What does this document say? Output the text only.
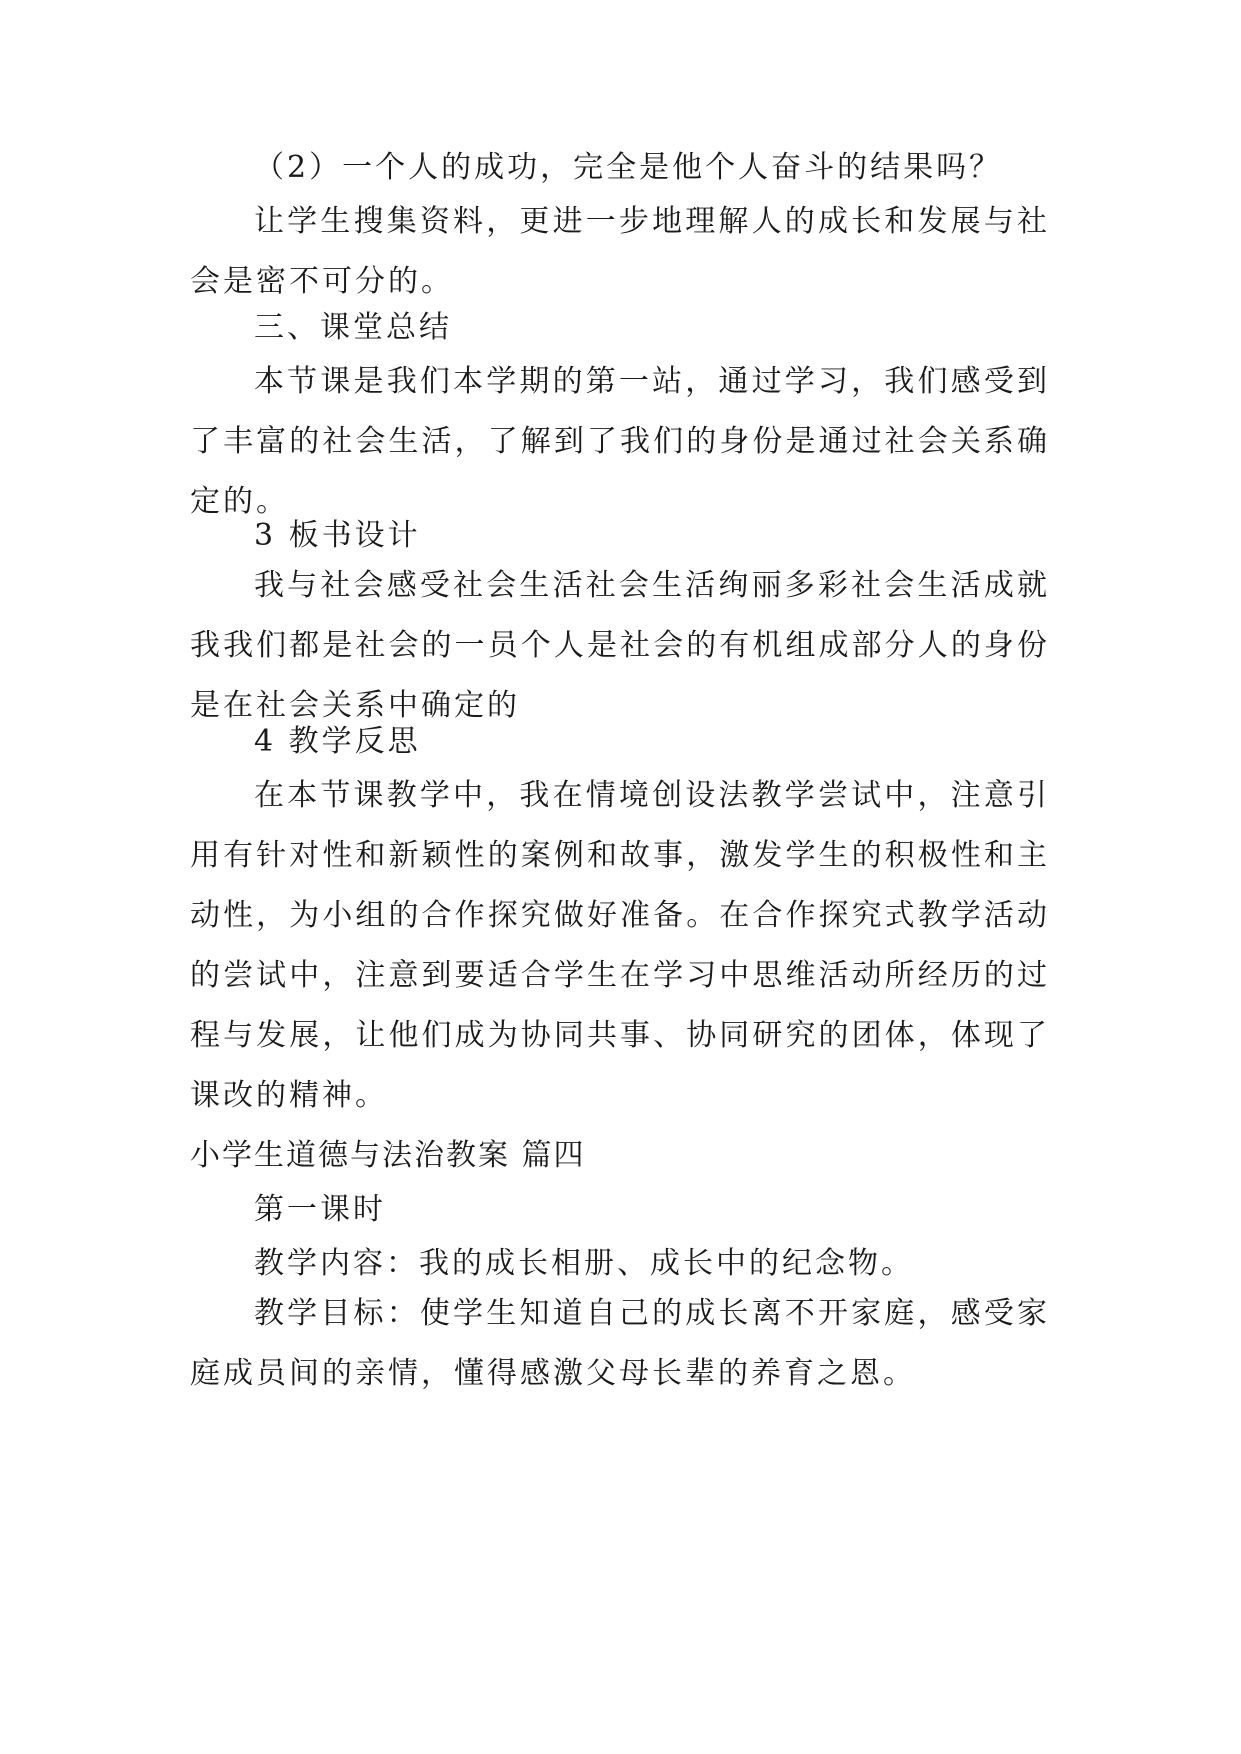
（2）一个人的成功，完全是他个人奋斗的结果吗？

让学生搜集资料，更进一步地理解人的成长和发展与社会是密不可分的。

三、课堂总结

本节课是我们本学期的第一站，通过学习，我们感受到了丰富的社会生活，了解到了我们的身份是通过社会关系确定的。

3 板书设计

我与社会感受社会生活社会生活绚丽多彩社会生活成就我我们都是社会的一员个人是社会的有机组成部分人的身份是在社会关系中确定的

4 教学反思

在本节课教学中，我在情境创设法教学尝试中，注意引用有针对性和新颖性的案例和故事，激发学生的积极性和主动性，为小组的合作探究做好准备。在合作探究式教学活动的尝试中，注意到要适合学生在学习中思维活动所经历的过程与发展，让他们成为协同共事、协同研究的团体，体现了课改的精神。

小学生道德与法治教案 篇四

第一课时

教学内容：我的成长相册、成长中的纪念物。

教学目标：使学生知道自己的成长离不开家庭，感受家庭成员间的亲情，懂得感激父母长辈的养育之恩。
